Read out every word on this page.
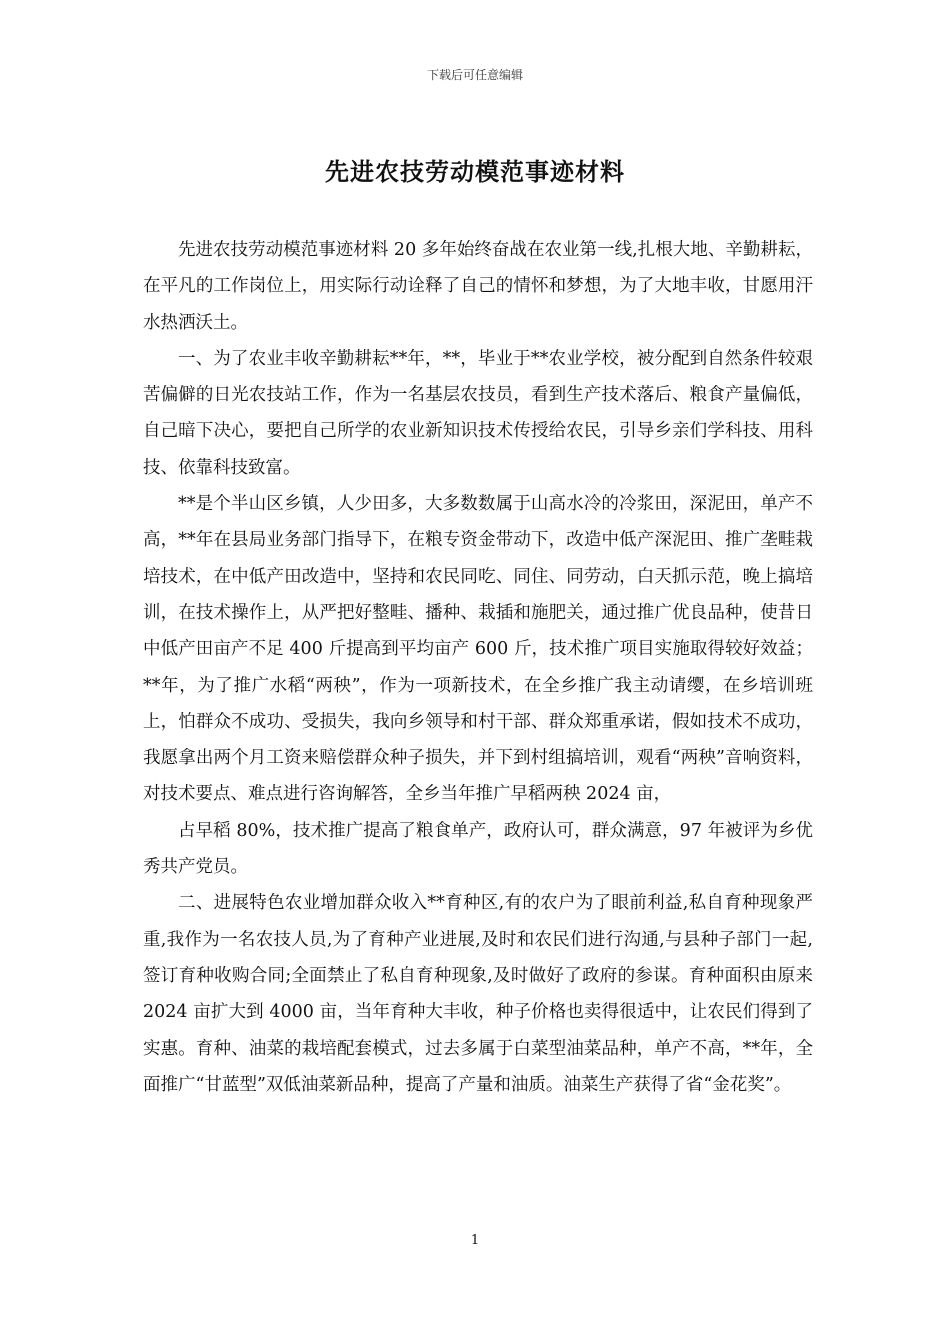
下载后可任意编辑
先进农技劳动模范事迹材料

先进农技劳动模范事迹材料 20 多年始终奋战在农业第一线,扎根大地、辛勤耕耘，在平凡的工作岗位上，用实际行动诠释了自己的情怀和梦想，为了大地丰收，甘愿用汗水热洒沃土。

一、为了农业丰收辛勤耕耘**年，**，毕业于**农业学校，被分配到自然条件较艰苦偏僻的日光农技站工作，作为一名基层农技员，看到生产技术落后、粮食产量偏低，自己暗下决心，要把自己所学的农业新知识技术传授给农民，引导乡亲们学科技、用科技、依靠科技致富。

**是个半山区乡镇，人少田多，大多数数属于山高水冷的冷浆田，深泥田，单产不高，**年在县局业务部门指导下，在粮专资金带动下，改造中低产深泥田、推广垄畦栽培技术，在中低产田改造中，坚持和农民同吃、同住、同劳动，白天抓示范，晚上搞培训，在技术操作上，从严把好整畦、播种、栽插和施肥关，通过推广优良品种，使昔日中低产田亩产不足 400 斤提高到平均亩产 600 斤，技术推广项目实施取得较好效益；**年，为了推广水稻“两秧”，作为一项新技术，在全乡推广我主动请缨，在乡培训班上，怕群众不成功、受损失，我向乡领导和村干部、群众郑重承诺，假如技术不成功，我愿拿出两个月工资来赔偿群众种子损失，并下到村组搞培训，观看“两秧”音响资料，对技术要点、难点进行咨询解答，全乡当年推广早稻两秧 2024 亩，

占早稻 80%，技术推广提高了粮食单产，政府认可，群众满意，97 年被评为乡优秀共产党员。

二、进展特色农业增加群众收入**育种区,有的农户为了眼前利益,私自育种现象严重,我作为一名农技人员,为了育种产业进展,及时和农民们进行沟通,与县种子部门一起,签订育种收购合同;全面禁止了私自育种现象,及时做好了政府的参谋。育种面积由原来 2024 亩扩大到 4000 亩，当年育种大丰收，种子价格也卖得很适中，让农民们得到了实惠。育种、油菜的栽培配套模式，过去多属于白菜型油菜品种，单产不高，**年，全面推广“甘蓝型”双低油菜新品种，提高了产量和油质。油菜生产获得了省“金花奖”。

1
